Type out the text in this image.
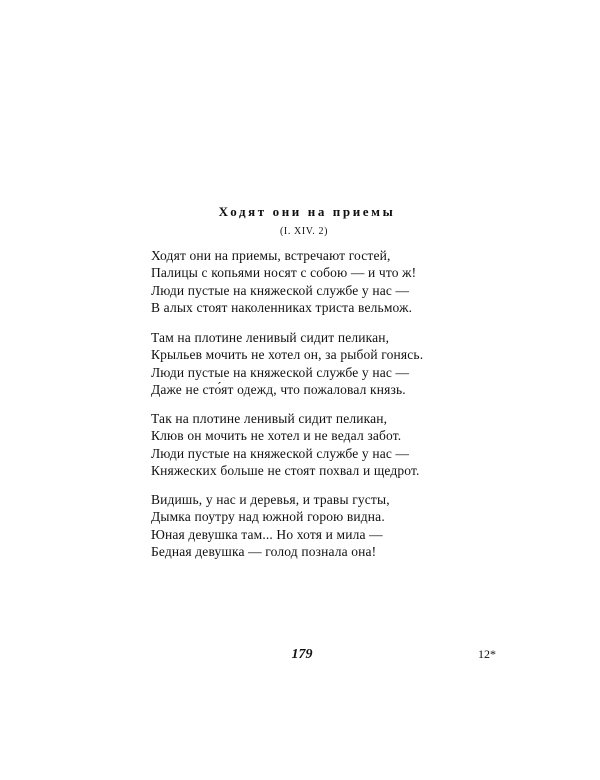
Ходят они на приемы
(I. XIV. 2)
Ходят они на приемы, встречают гостей,
Палицы с копьями носят с собою — и что ж!
Люди пустые на княжеской службе у нас —
В алых стоят наколенниках триста вельмож.
Там на плотине ленивый сидит пеликан,
Крыльев мочить не хотел он, за рыбой гонясь.
Люди пустые на княжеской службе у нас —
Даже не сто́ят одежд, что пожаловал князь.
Так на плотине ленивый сидит пеликан,
Клюв он мочить не хотел и не ведал забот.
Люди пустые на княжеской службе у нас —
Княжеских больше не стоят похвал и щедрот.
Видишь, у нас и деревья, и травы густы,
Дымка поутру над южной горою видна.
Юная девушка там... Но хотя и мила —
Бедная девушка — голод познала она!
179	12*
